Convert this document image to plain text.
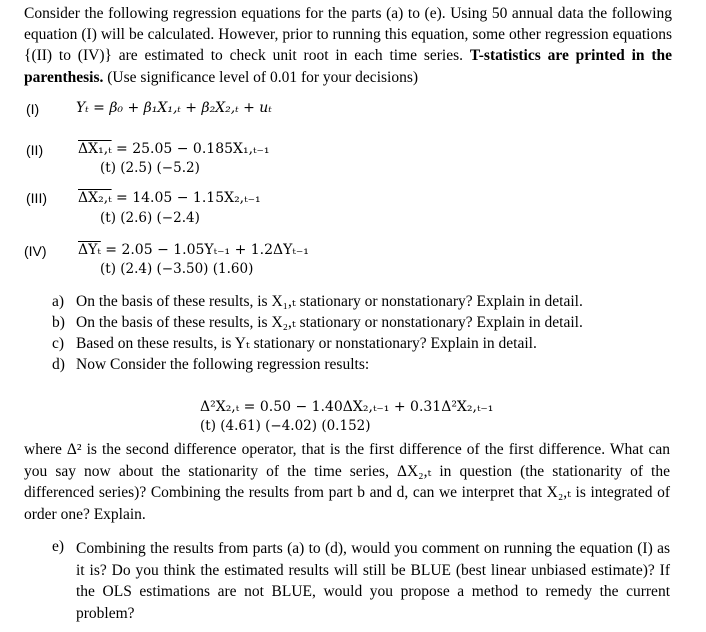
Consider the following regression equations for the parts (a) to (e). Using 50 annual data the following equation (I) will be calculated. However, prior to running this equation, some other regression equations {(II) to (IV)} are estimated to check unit root in each time series. T-statistics are printed in the parenthesis. (Use significance level of 0.01 for your decisions)
(I)	Yₜ = β₀ + β₁X₁,ₜ + β₂X₂,ₜ + uₜ
(II) ΔX₁,ₜ = 25.05 − 0.185X₁,ₜ₋₁
(t) (2.5) (−5.2)
(III) ΔX₂,ₜ = 14.05 − 1.15X₂,ₜ₋₁
(t) (2.6) (−2.4)
(IV) $\overline{\Delta Y_t} = 2.05 - 1.05Y_{t-1} + 1.2\Delta Y_{t-1}$
(t) (2.4) (−3.50) (1.60)
a) On the basis of these results, is X₁,ₜ stationary or nonstationary? Explain in detail.
b) On the basis of these results, is X₂,ₜ stationary or nonstationary? Explain in detail.
c) Based on these results, is Yₜ stationary or nonstationary? Explain in detail.
d) Now Consider the following regression results:
Δ²X₂,ₜ = 0.50 − 1.40ΔX₂,ₜ₋₁ + 0.31Δ²X₂,ₜ₋₁
(t) (4.61) (−4.02) (0.152)
where Δ² is the second difference operator, that is the first difference of the first difference. What can you say now about the stationarity of the time series, ΔX₂,ₜ in question (the stationarity of the differenced series)? Combining the results from part b and d, can we interpret that X₂,ₜ is integrated of order one? Explain.
e) Combining the results from parts (a) to (d), would you comment on running the equation (I) as it is? Do you think the estimated results will still be BLUE (best linear unbiased estimate)? If the OLS estimations are not BLUE, would you propose a method to remedy the current problem?
